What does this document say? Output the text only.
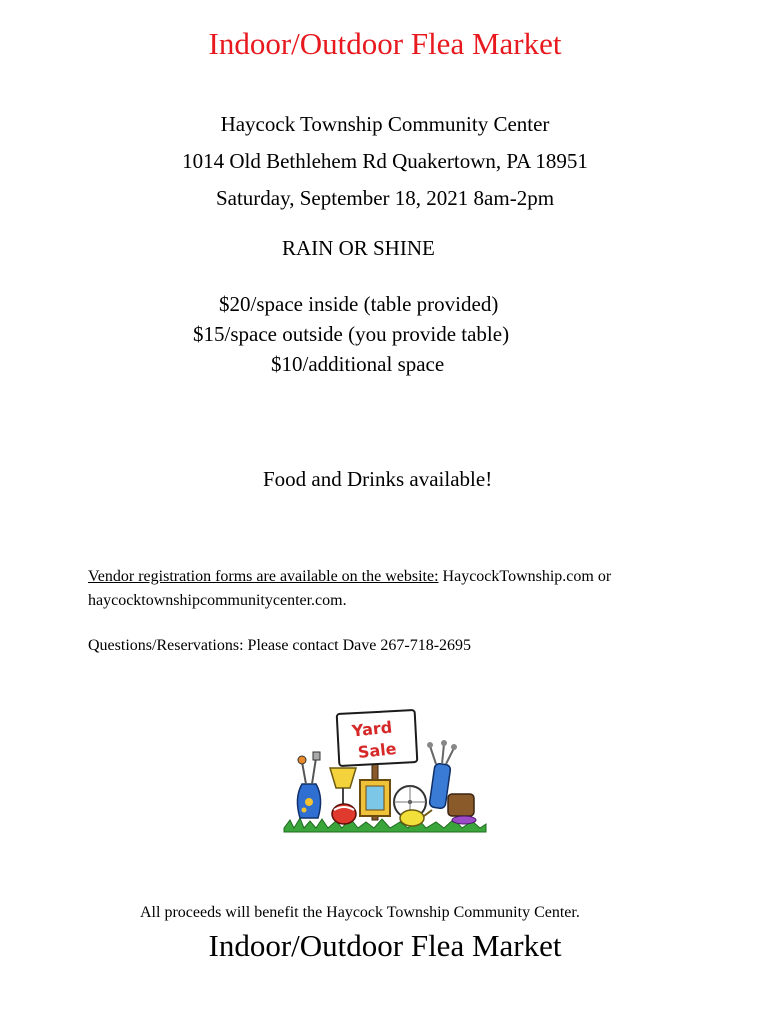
Indoor/Outdoor Flea Market
Haycock Township Community Center
1014 Old Bethlehem Rd Quakertown, PA 18951
Saturday, September 18, 2021 8am-2pm
RAIN OR SHINE
$20/space inside (table provided)
$15/space outside (you provide table)
$10/additional space
Food and Drinks available!
Vendor registration forms are available on the website: HaycockTownship.com or
haycocktownshipcommunitycenter.com.
Questions/Reservations: Please contact Dave 267-718-2695
Yard
Sale
All proceeds will benefit the Haycock Township Community Center.
Indoor/Outdoor Flea Market
